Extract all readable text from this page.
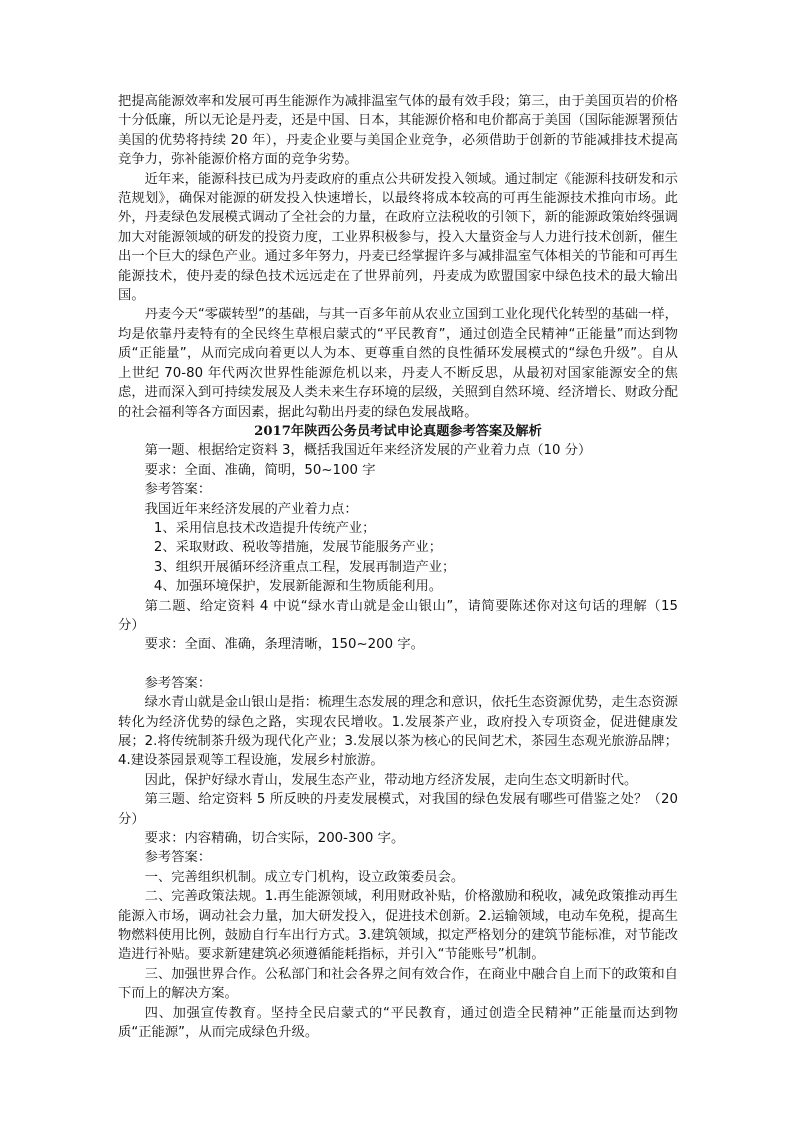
把提高能源效率和发展可再生能源作为减排温室气体的最有效手段；第三，由于美国页岩的价格十分低廉，所以无论是丹麦，还是中国、日本，其能源价格和电价都高于美国（国际能源署预估美国的优势将持续 20 年），丹麦企业要与美国企业竞争，必须借助于创新的节能减排技术提高竞争力，弥补能源价格方面的竞争劣势。

近年来，能源科技已成为丹麦政府的重点公共研发投入领域。通过制定《能源科技研发和示范规划》，确保对能源的研发投入快速增长，以最终将成本较高的可再生能源技术推向市场。此外，丹麦绿色发展模式调动了全社会的力量，在政府立法税收的引领下，新的能源政策始终强调加大对能源领域的研发的投资力度，工业界积极参与，投入大量资金与人力进行技术创新，催生出一个巨大的绿色产业。通过多年努力，丹麦已经掌握许多与减排温室气体相关的节能和可再生能源技术，使丹麦的绿色技术远远走在了世界前列，丹麦成为欧盟国家中绿色技术的最大输出国。

丹麦今天“零碳转型”的基础，与其一百多年前从农业立国到工业化现代化转型的基础一样，均是依靠丹麦特有的全民终生草根启蒙式的“平民教育”，通过创造全民精神“正能量”而达到物质“正能量”，从而完成向着更以人为本、更尊重自然的良性循环发展模式的“绿色升级”。自从上世纪 70-80 年代两次世界性能源危机以来，丹麦人不断反思，从最初对国家能源安全的焦虑，进而深入到可持续发展及人类未来生存环境的层级，关照到自然环境、经济增长、财政分配的社会福利等各方面因素，据此勾勒出丹麦的绿色发展战略。

2017年陕西公务员考试申论真题参考答案及解析

第一题、根据给定资料 3，概括我国近年来经济发展的产业着力点（10 分）

要求：全面、准确，简明，50~100 字

参考答案：

我国近年来经济发展的产业着力点：

1、采用信息技术改造提升传统产业；

2、采取财政、税收等措施，发展节能服务产业；

3、组织开展循环经济重点工程，发展再制造产业；

4、加强环境保护，发展新能源和生物质能利用。

第二题、给定资料 4 中说“绿水青山就是金山银山”，请简要陈述你对这句话的理解（15 分）

要求：全面、准确，条理清晰，150~200 字。

参考答案：

绿水青山就是金山银山是指：梳理生态发展的理念和意识，依托生态资源优势，走生态资源转化为经济优势的绿色之路，实现农民增收。1.发展茶产业，政府投入专项资金，促进健康发展；2.将传统制茶升级为现代化产业；3.发展以茶为核心的民间艺术，茶园生态观光旅游品牌；4.建设茶园景观等工程设施，发展乡村旅游。

因此，保护好绿水青山，发展生态产业，带动地方经济发展，走向生态文明新时代。

第三题、给定资料 5 所反映的丹麦发展模式，对我国的绿色发展有哪些可借鉴之处？（20 分）

要求：内容精确，切合实际，200-300 字。

参考答案：

一、完善组织机制。成立专门机构，设立政策委员会。

二、完善政策法规。1.再生能源领域，利用财政补贴，价格激励和税收，减免政策推动再生能源入市场，调动社会力量，加大研发投入，促进技术创新。2.运输领域，电动车免税，提高生物燃料使用比例，鼓励自行车出行方式。3.建筑领域，拟定严格划分的建筑节能标准，对节能改造进行补贴。要求新建建筑必须遵循能耗指标，并引入“节能账号”机制。

三、加强世界合作。公私部门和社会各界之间有效合作，在商业中融合自上而下的政策和自下而上的解决方案。

四、加强宣传教育。坚持全民启蒙式的“平民教育，通过创造全民精神”正能量而达到物质“正能源”，从而完成绿色升级。
